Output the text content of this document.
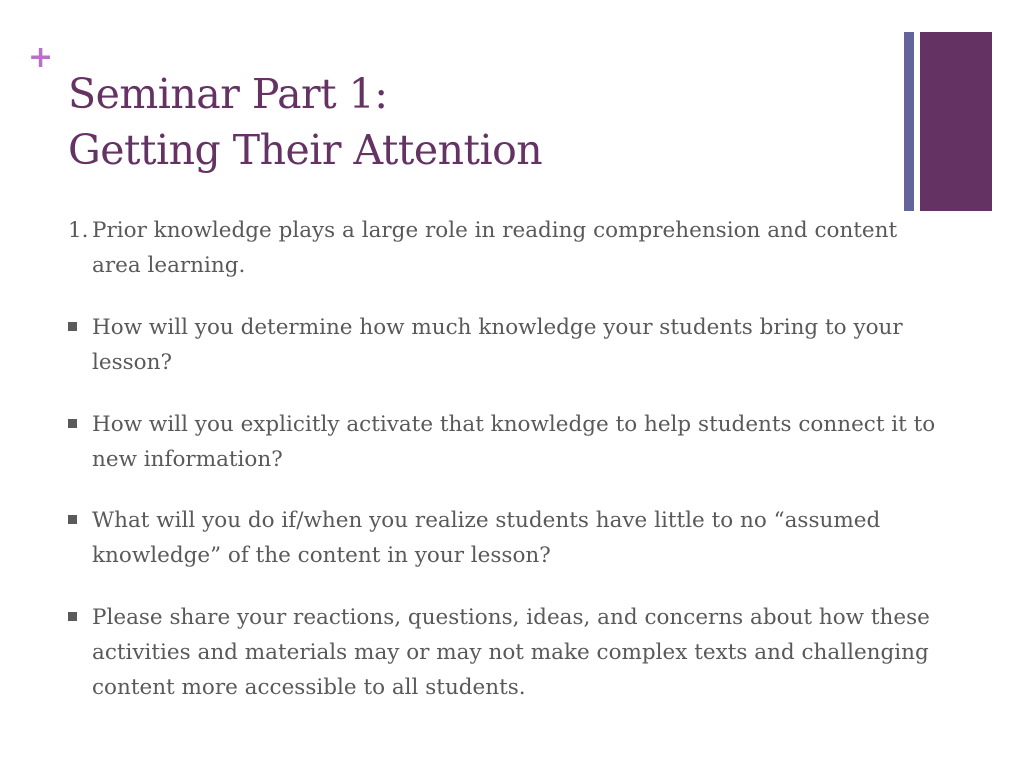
+
Seminar Part 1:
Getting Their Attention
1. Prior knowledge plays a large role in reading comprehension and content area learning.
How will you determine how much knowledge your students bring to your lesson?
How will you explicitly activate that knowledge to help students connect it to new information?
What will you do if/when you realize students have little to no “assumed knowledge” of the content in your lesson?
Please share your reactions, questions, ideas, and concerns about how these activities and materials may or may not make complex texts and challenging content more accessible to all students.
